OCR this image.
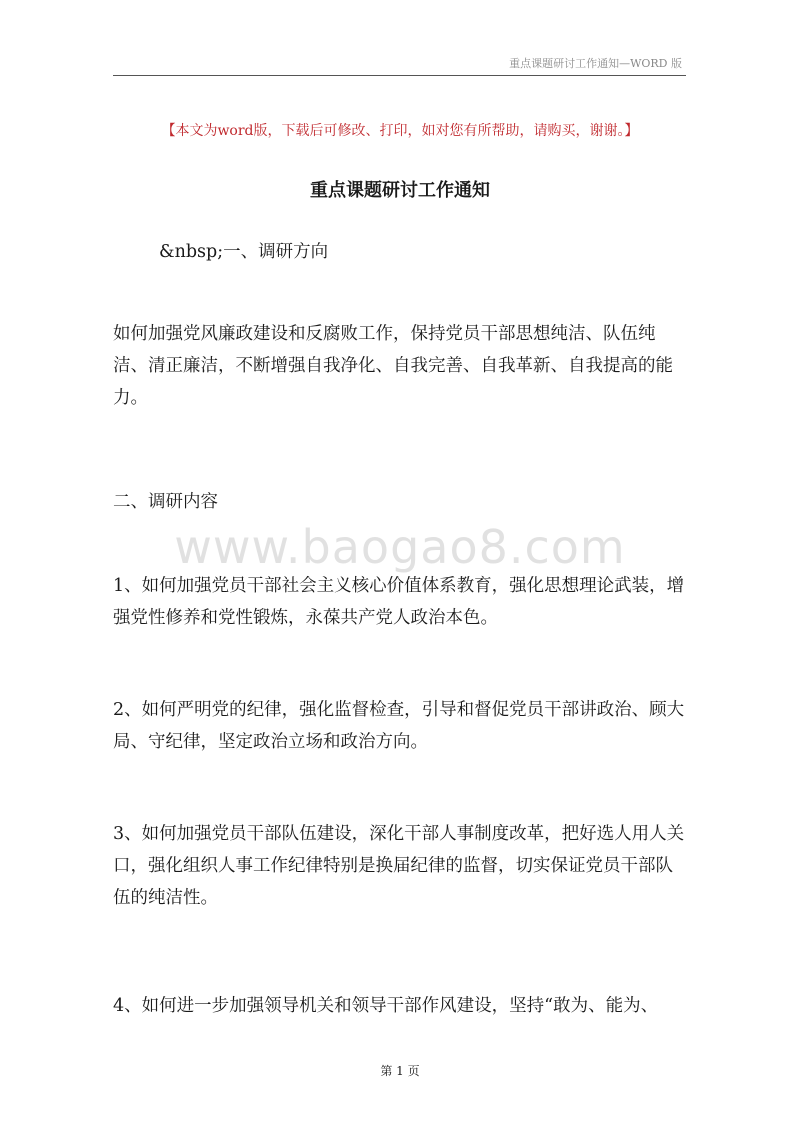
重点课题研讨工作通知—WORD 版
【本文为word版，下载后可修改、打印，如对您有所帮助，请购买，谢谢。】
重点课题研讨工作通知

&nbsp;一、调研方向

如何加强党风廉政建设和反腐败工作，保持党员干部思想纯洁、队伍纯洁、清正廉洁，不断增强自我净化、自我完善、自我革新、自我提高的能力。

二、调研内容

1、如何加强党员干部社会主义核心价值体系教育，强化思想理论武装，增强党性修养和党性锻炼，永葆共产党人政治本色。

2、如何严明党的纪律，强化监督检查，引导和督促党员干部讲政治、顾大局、守纪律，坚定政治立场和政治方向。

3、如何加强党员干部队伍建设，深化干部人事制度改革，把好选人用人关口，强化组织人事工作纪律特别是换届纪律的监督，切实保证党员干部队伍的纯洁性。

4、如何进一步加强领导机关和领导干部作风建设，坚持“敢为、能为、

www.baogao8.com
第 1 页
